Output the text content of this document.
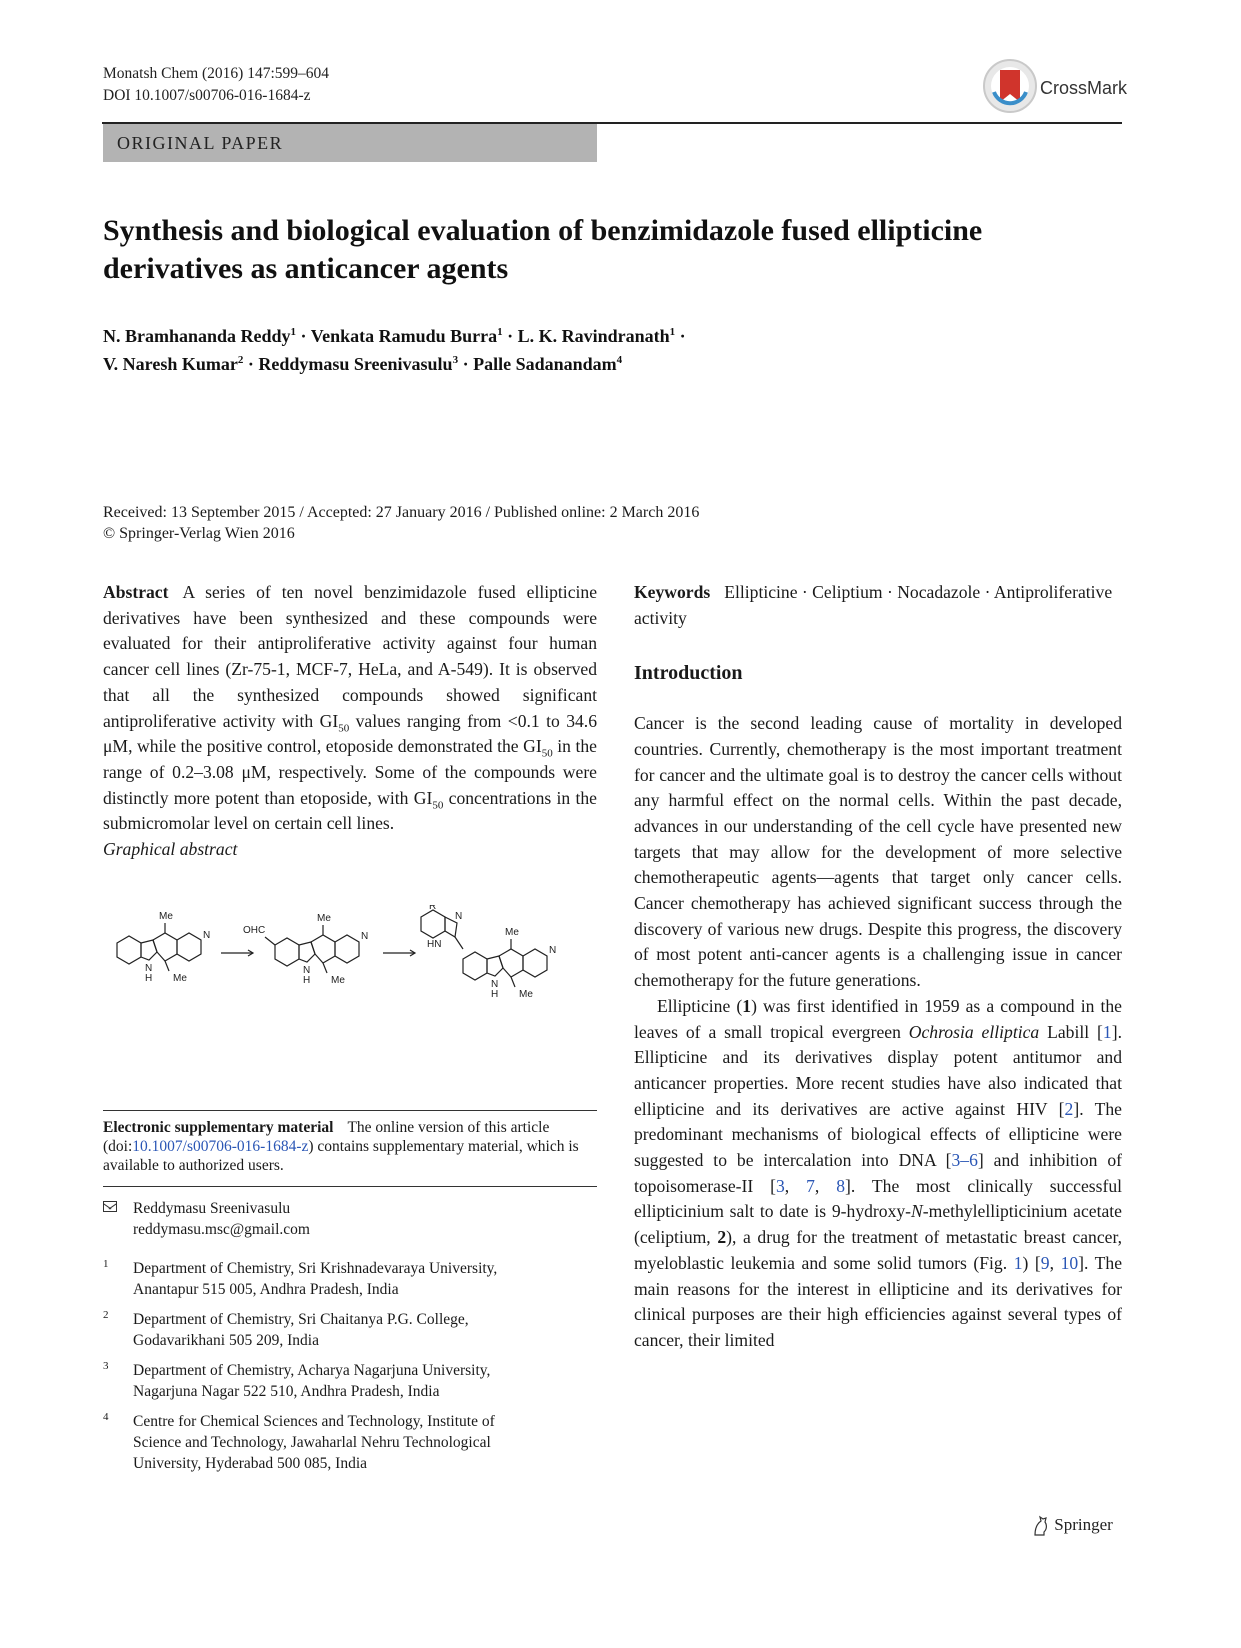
Monatsh Chem (2016) 147:599–604
DOI 10.1007/s00706-016-1684-z	CrossMark
ORIGINAL PAPER
Synthesis and biological evaluation of benzimidazole fused ellipticine derivatives as anticancer agents
N. Bramhananda Reddy$^1$ · Venkata Ramudu Burra$^1$ · L. K. Ravindranath$^1$ ·
V. Naresh Kumar$^2$ · Reddymasu Sreenivasulu$^3$ · Palle Sadanandam$^4$
Received: 13 September 2015 / Accepted: 27 January 2016 / Published online: 2 March 2016
© Springer-Verlag Wien 2016
Abstract A series of ten novel benzimidazole fused ellipticine derivatives have been synthesized and these compounds were evaluated for their antiproliferative activity against four human cancer cell lines (Zr-75-1, MCF-7, HeLa, and A-549). It is observed that all the synthesized compounds showed significant antiproliferative activity with $GI_{50}$ values ranging from <0.1 to 34.6 μM, while the positive control, etoposide demonstrated the $GI_{50}$ in the range of 0.2–3.08 μM, respectively. Some of the compounds were distinctly more potent than etoposide, with $GI_{50}$ concentrations in the submicromolar level on certain cell lines.
Graphical abstract
Me
N
N
H Me
OHC
Me
N
N
H Me
R
N
HN
Me
N
N
H Me
Electronic supplementary material The online version of this article (doi:10.1007/s00706-016-1684-z) contains supplementary material, which is available to authorized users.
Reddymasu Sreenivasulu
reddymasu.msc@gmail.com
1 Department of Chemistry, Sri Krishnadevaraya University,
Anantapur 515 005, Andhra Pradesh, India
2 Department of Chemistry, Sri Chaitanya P.G. College,
Godavarikhani 505 209, India
3 Department of Chemistry, Acharya Nagarjuna University,
Nagarjuna Nagar 522 510, Andhra Pradesh, India
4 Centre for Chemical Sciences and Technology, Institute of
Science and Technology, Jawaharlal Nehru Technological
University, Hyderabad 500 085, India
Keywords Ellipticine · Celiptium · Nocadazole · Antiproliferative activity
Introduction
Cancer is the second leading cause of mortality in developed countries. Currently, chemotherapy is the most important treatment for cancer and the ultimate goal is to destroy the cancer cells without any harmful effect on the normal cells. Within the past decade, advances in our understanding of the cell cycle have presented new targets that may allow for the development of more selective chemotherapeutic agents—agents that target only cancer cells. Cancer chemotherapy has achieved significant success through the discovery of various new drugs. Despite this progress, the discovery of most potent anti-cancer agents is a challenging issue in cancer chemotherapy for the future generations.
Ellipticine (1) was first identified in 1959 as a compound in the leaves of a small tropical evergreen Ochrosia elliptica Labill [1]. Ellipticine and its derivatives display potent antitumor and anticancer properties. More recent studies have also indicated that ellipticine and its derivatives are active against HIV [2]. The predominant mechanisms of biological effects of ellipticine were suggested to be intercalation into DNA [3–6] and inhibition of topoisomerase-II [3, 7, 8]. The most clinically successful ellipticinium salt to date is 9-hydroxy-N-methylellipticinium acetate (celiptium, 2), a drug for the treatment of metastatic breast cancer, myeloblastic leukemia and some solid tumors (Fig. 1) [9, 10]. The main reasons for the interest in ellipticine and its derivatives for clinical purposes are their high efficiencies against several types of cancer, their limited
Springer
